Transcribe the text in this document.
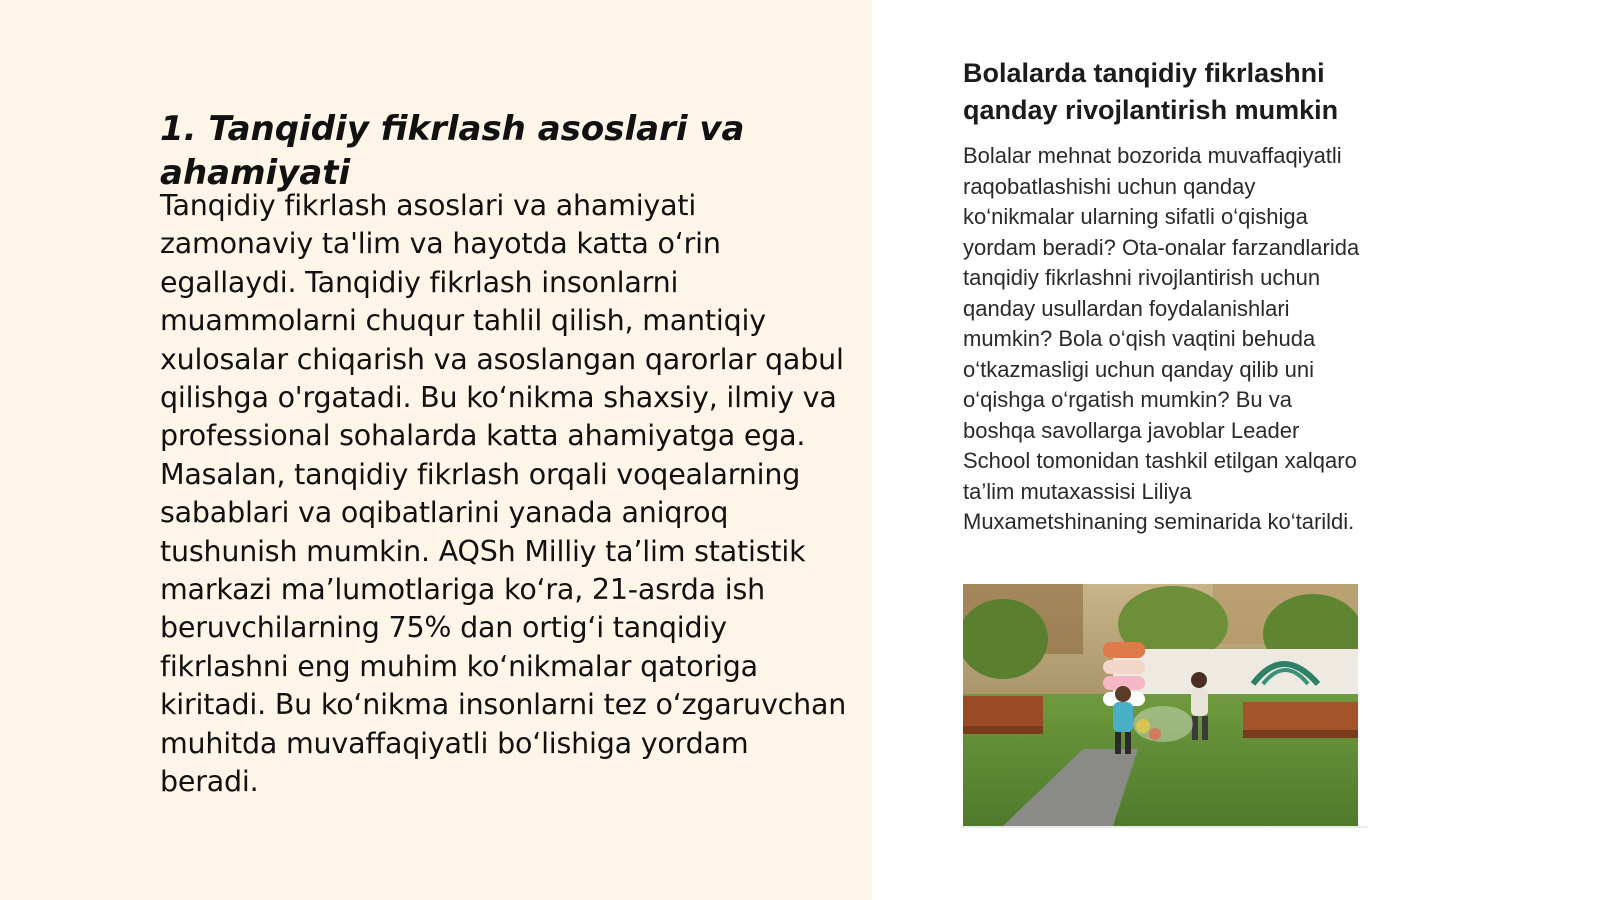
1. Tanqidiy fikrlash asoslari va ahamiyati

Tanqidiy fikrlash asoslari va ahamiyati zamonaviy ta'lim va hayotda katta o‘rin egallaydi. Tanqidiy fikrlash insonlarni muammolarni chuqur tahlil qilish, mantiqiy xulosalar chiqarish va asoslangan qarorlar qabul qilishga o'rgatadi. Bu ko‘nikma shaxsiy, ilmiy va professional sohalarda katta ahamiyatga ega. Masalan, tanqidiy fikrlash orqali voqealarning sabablari va oqibatlarini yanada aniqroq tushunish mumkin. AQSh Milliy ta’lim statistik markazi ma’lumotlariga ko‘ra, 21-asrda ish beruvchilarning 75% dan ortig‘i tanqidiy fikrlashni eng muhim ko‘nikmalar qatoriga kiritadi. Bu ko‘nikma insonlarni tez o‘zgaruvchan muhitda muvaffaqiyatli bo‘lishiga yordam beradi.

Bolalarda tanqidiy fikrlashni qanday rivojlantirish mumkin

Bolalar mehnat bozorida muvaffaqiyatli raqobatlashishi uchun qanday ko‘nikmalar ularning sifatli o‘qishiga yordam beradi? Ota-onalar farzandlarida tanqidiy fikrlashni rivojlantirish uchun qanday usullardan foydalanishlari mumkin? Bola o‘qish vaqtini behuda o‘tkazmasligi uchun qanday qilib uni o‘qishga o‘rgatish mumkin? Bu va boshqa savollarga javoblar Leader School tomonidan tashkil etilgan xalqaro ta’lim mutaxassisi Liliya Muxametshinaning seminarida ko‘tarildi.
